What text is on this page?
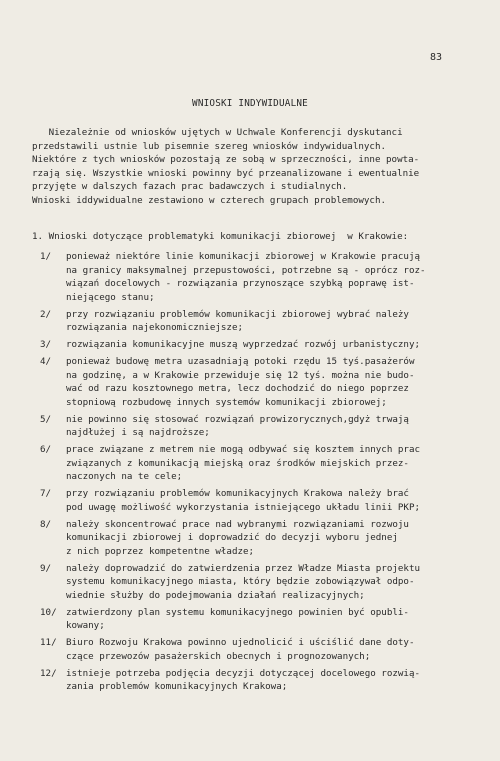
83
WNIOSKI INDYWIDUALNE
Niezależnie od wniosków ujętych w Uchwale Konferencji dyskutanci
przedstawili ustnie lub pisemnie szereg wniosków indywidualnych.
Niektóre z tych wniosków pozostają ze sobą w sprzeczności, inne powta-
rzają się. Wszystkie wnioski powinny być przeanalizowane i ewentualnie
przyjęte w dalszych fazach prac badawczych i studialnych.
Wnioski iddywidualne zestawiono w czterech grupach problemowych.
1. Wnioski dotyczące problematyki komunikacji zbiorowej  w Krakowie:
1/ ponieważ niektóre linie komunikacji zbiorowej w Krakowie pracują
na granicy maksymalnej przepustowości, potrzebne są - oprócz roz-
wiązań docelowych - rozwiązania przynoszące szybką poprawę ist-
niejącego stanu;
2/ przy rozwiązaniu problemów komunikacji zbiorowej wybrać należy
rozwiązania najekonomiczniejsze;
3/ rozwiązania komunikacyjne muszą wyprzedzać rozwój urbanistyczny;
4/ ponieważ budowę metra uzasadniają potoki rzędu 15 tyś.pasażerów
na godzinę, a w Krakowie przewiduje się 12 tyś. można nie budo-
wać od razu kosztownego metra, lecz dochodzić do niego poprzez
stopniową rozbudowę innych systemów komunikacji zbiorowej;
5/ nie powinno się stosować rozwiązań prowizorycznych,gdyż trwają
najdłużej i są najdroższe;
6/ prace związane z metrem nie mogą odbywać się kosztem innych prac
związanych z komunikacją miejską oraz środków miejskich przez-
naczonych na te cele;
7/ przy rozwiązaniu problemów komunikacyjnych Krakowa należy brać
pod uwagę możliwość wykorzystania istniejącego układu linii PKP;
8/ należy skoncentrować prace nad wybranymi rozwiązaniami rozwoju
komunikacji zbiorowej i doprowadzić do decyzji wyboru jednej
z nich poprzez kompetentne władze;
9/ należy doprowadzić do zatwierdzenia przez Władze Miasta projektu
systemu komunikacyjnego miasta, który będzie zobowiązywał odpo-
wiednie służby do podejmowania działań realizacyjnych;
10/ zatwierdzony plan systemu komunikacyjnego powinien być opubli-
kowany;
11/ Biuro Rozwoju Krakowa powinno ujednolicić i uściślić dane doty-
czące przewozów pasażerskich obecnych i prognozowanych;
12/ istnieje potrzeba podjęcia decyzji dotyczącej docelowego rozwią-
zania problemów komunikacyjnych Krakowa;
